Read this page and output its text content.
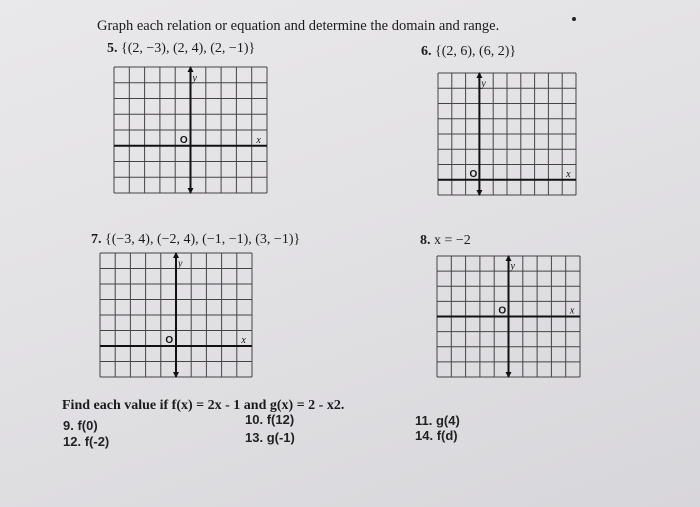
Graph each relation or equation and determine the domain and range.
5. {(2, −3), (2, 4), (2, −1)}	6. {(2, 6), (6, 2)}
7. {(−3, 4), (−2, 4), (−1, −1), (3, −1)}	8. x = −2
O	x
y
O	x
y
O	x
y
O	x
y
Find each value if f(x) = 2x - 1 and g(x) = 2 - x2.
9. f(0)	10. f(12)	11. g(4)
12. f(-2)	13. g(-1)	14. f(d)
